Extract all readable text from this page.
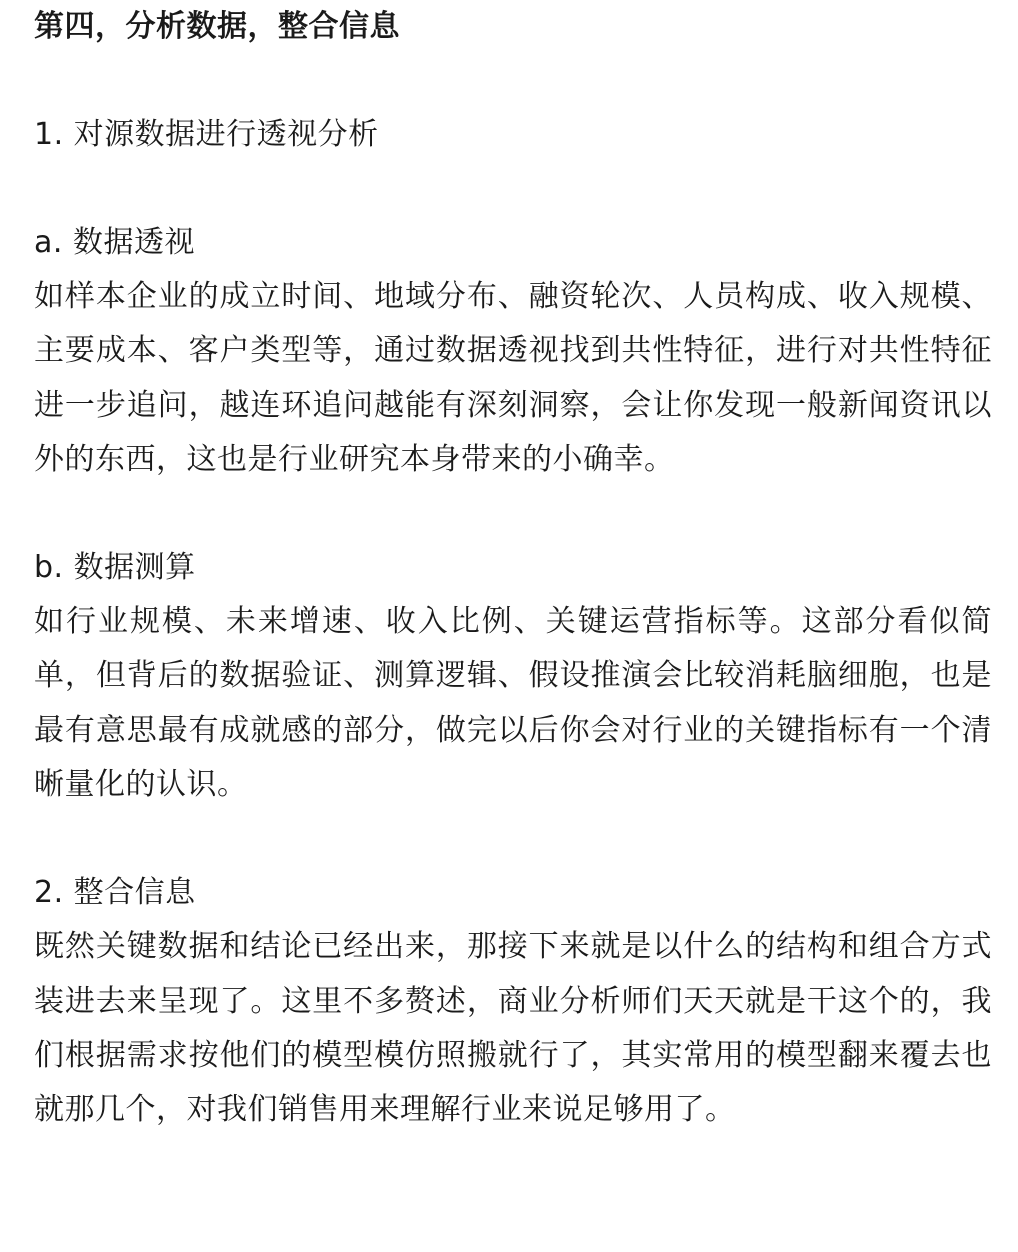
第四，分析数据，整合信息

1. 对源数据进行透视分析

a. 数据透视

如样本企业的成立时间、地域分布、融资轮次、人员构成、收入规模、主要成本、客户类型等，通过数据透视找到共性特征，进行对共性特征进一步追问，越连环追问越能有深刻洞察，会让你发现一般新闻资讯以外的东西，这也是行业研究本身带来的小确幸。

b. 数据测算

如行业规模、未来增速、收入比例、关键运营指标等。这部分看似简单，但背后的数据验证、测算逻辑、假设推演会比较消耗脑细胞，也是最有意思最有成就感的部分，做完以后你会对行业的关键指标有一个清晰量化的认识。

2. 整合信息

既然关键数据和结论已经出来，那接下来就是以什么的结构和组合方式装进去来呈现了。这里不多赘述，商业分析师们天天就是干这个的，我们根据需求按他们的模型模仿照搬就行了，其实常用的模型翻来覆去也就那几个，对我们销售用来理解行业来说足够用了。
